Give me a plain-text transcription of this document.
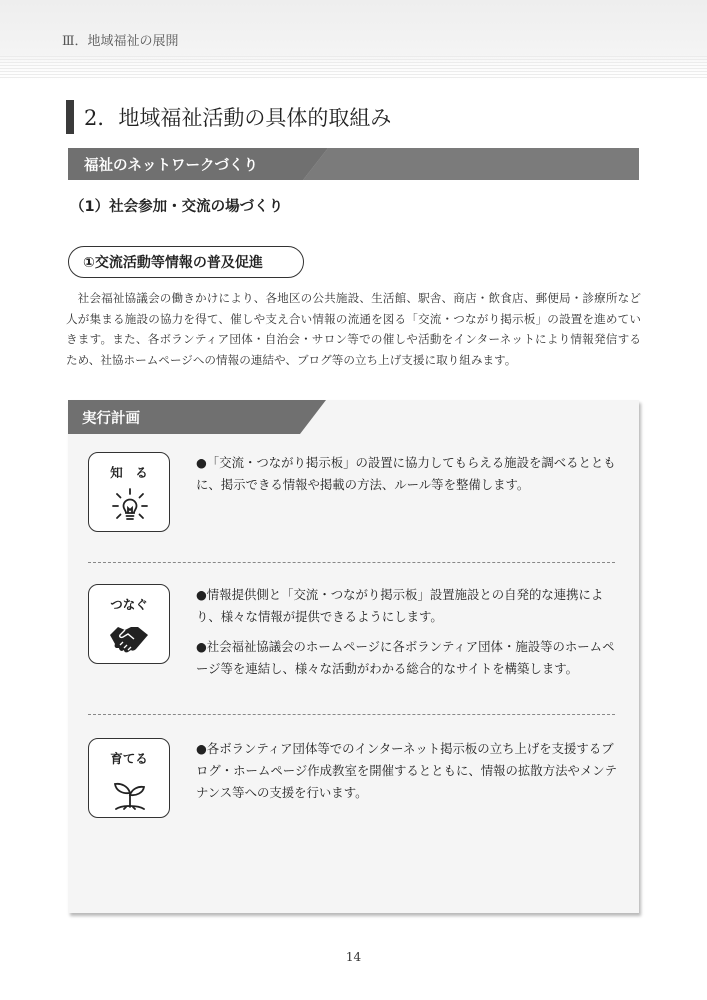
Ⅲ．地域福祉の展開
2．地域福祉活動の具体的取組み
福祉のネットワークづくり
（1）社会参加・交流の場づくり
①交流活動等情報の普及促進

社会福祉協議会の働きかけにより、各地区の公共施設、生活館、駅舎、商店・飲食店、郵便局・診療所など人が集まる施設の協力を得て、催しや支え合い情報の流通を図る「交流・つながり掲示板」の設置を進めていきます。また、各ボランティア団体・自治会・サロン等での催しや活動をインターネットにより情報発信するため、社協ホームページへの情報の連結や、ブログ等の立ち上げ支援に取り組みます。

実行計画
知　る

●「交流・つながり掲示板」の設置に協力してもらえる施設を調べるとともに、掲示できる情報や掲載の方法、ルール等を整備します。

つなぐ

●情報提供側と「交流・つながり掲示板」設置施設との自発的な連携により、様々な情報が提供できるようにします。

●社会福祉協議会のホームページに各ボランティア団体・施設等のホームページ等を連結し、様々な活動がわかる総合的なサイトを構築します。

育てる

●各ボランティア団体等でのインターネット掲示板の立ち上げを支援するブログ・ホームページ作成教室を開催するとともに、情報の拡散方法やメンテナンス等への支援を行います。

14
